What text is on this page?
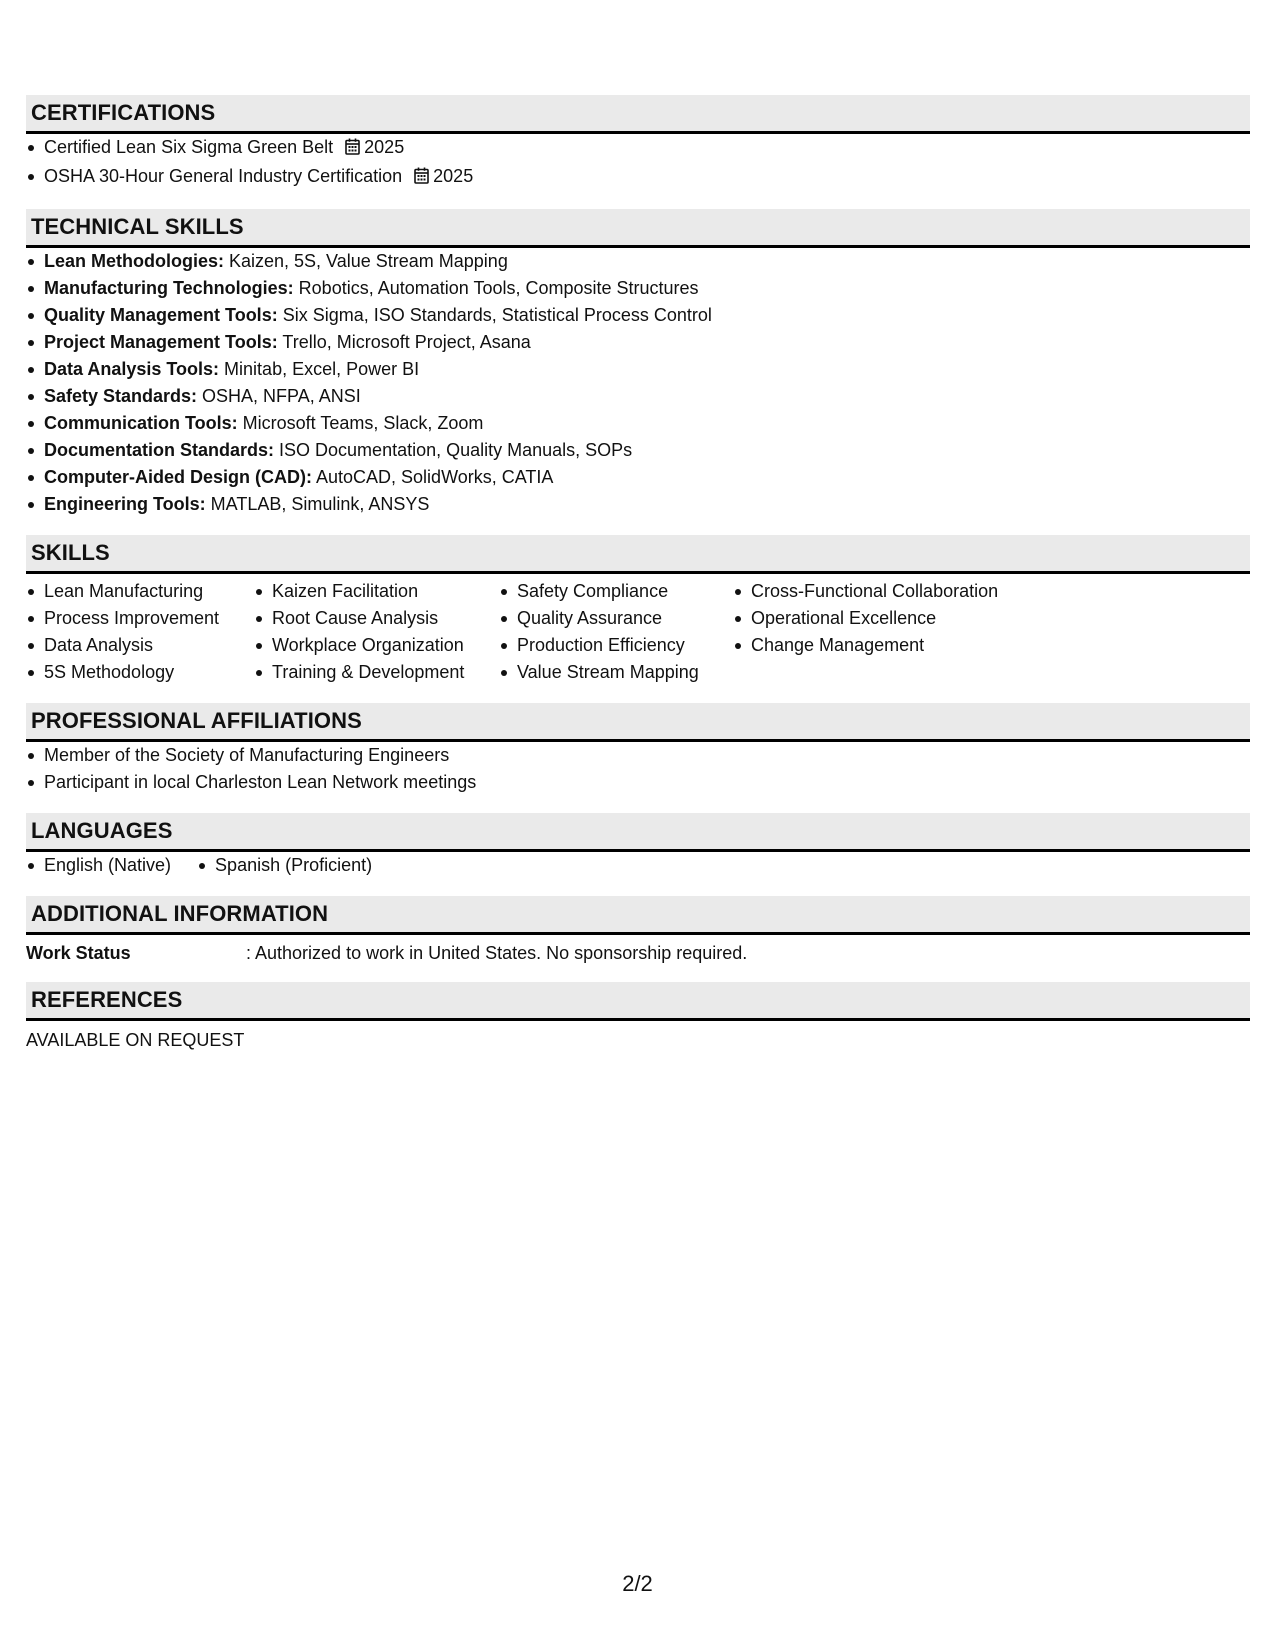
CERTIFICATIONS
Certified Lean Six Sigma Green Belt 2025
OSHA 30-Hour General Industry Certification 2025
TECHNICAL SKILLS
Lean Methodologies: Kaizen, 5S, Value Stream Mapping
Manufacturing Technologies: Robotics, Automation Tools, Composite Structures
Quality Management Tools: Six Sigma, ISO Standards, Statistical Process Control
Project Management Tools: Trello, Microsoft Project, Asana
Data Analysis Tools: Minitab, Excel, Power BI
Safety Standards: OSHA, NFPA, ANSI
Communication Tools: Microsoft Teams, Slack, Zoom
Documentation Standards: ISO Documentation, Quality Manuals, SOPs
Computer-Aided Design (CAD): AutoCAD, SolidWorks, CATIA
Engineering Tools: MATLAB, Simulink, ANSYS
SKILLS
Lean Manufacturing
Process Improvement
Data Analysis
5S Methodology
Kaizen Facilitation
Root Cause Analysis
Workplace Organization
Training & Development
Safety Compliance
Quality Assurance
Production Efficiency
Value Stream Mapping
Cross-Functional Collaboration
Operational Excellence
Change Management
PROFESSIONAL AFFILIATIONS
Member of the Society of Manufacturing Engineers
Participant in local Charleston Lean Network meetings
LANGUAGES
English (Native)	Spanish (Proficient)
ADDITIONAL INFORMATION
Work Status	: Authorized to work in United States. No sponsorship required.
REFERENCES
AVAILABLE ON REQUEST
2/2
